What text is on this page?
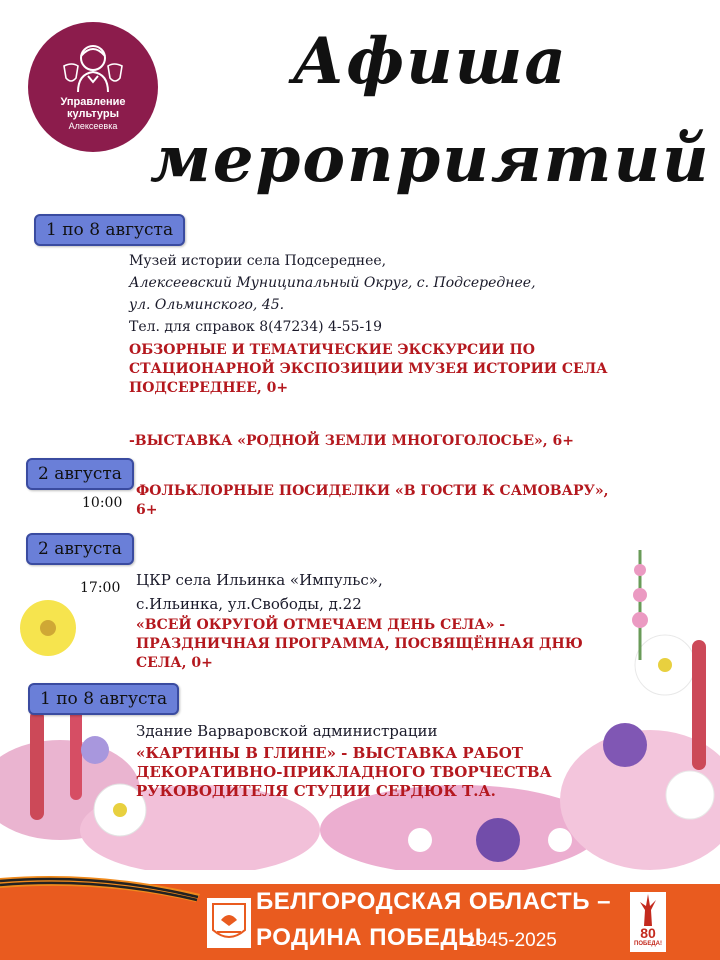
Управление
культуры
Алексеевка
Афиша
мероприятий
1 по 8 августа
Музей истории села Подсереднее,
Алексеевский Муниципальный Округ, с. Подсереднее,
ул. Ольминского, 45.
Тел. для справок 8(47234) 4-55-19
ОБЗОРНЫЕ И ТЕМАТИЧЕСКИЕ ЭКСКУРСИИ ПО
СТАЦИОНАРНОЙ ЭКСПОЗИЦИИ МУЗЕЯ ИСТОРИИ СЕЛА
ПОДСЕРЕДНЕЕ, 0+
-ВЫСТАВКА «РОДНОЙ ЗЕМЛИ МНОГОГОЛОСЬЕ», 6+
2 августа
10:00
ФОЛЬКЛОРНЫЕ ПОСИДЕЛКИ «В ГОСТИ К САМОВАРУ»,
6+
2 августа
17:00 ЦКР села Ильинка «Импульс»,
с.Ильинка, ул.Свободы, д.22
«ВСЕЙ ОКРУГОЙ ОТМЕЧАЕМ ДЕНЬ СЕЛА» -
ПРАЗДНИЧНАЯ ПРОГРАММА, ПОСВЯЩЁННАЯ ДНЮ
СЕЛА, 0+
1 по 8 августа
Здание Варваровской администрации
«КАРТИНЫ В ГЛИНЕ» - ВЫСТАВКА РАБОТ
ДЕКОРАТИВНО-ПРИКЛАДНОГО ТВОРЧЕСТВА
РУКОВОДИТЕЛЯ СТУДИИ СЕРДЮК Т.А.
БЕЛГОРОДСКАЯ ОБЛАСТЬ –
РОДИНА ПОБЕДЫ
1945-2025	80
ПОБЕДА!
